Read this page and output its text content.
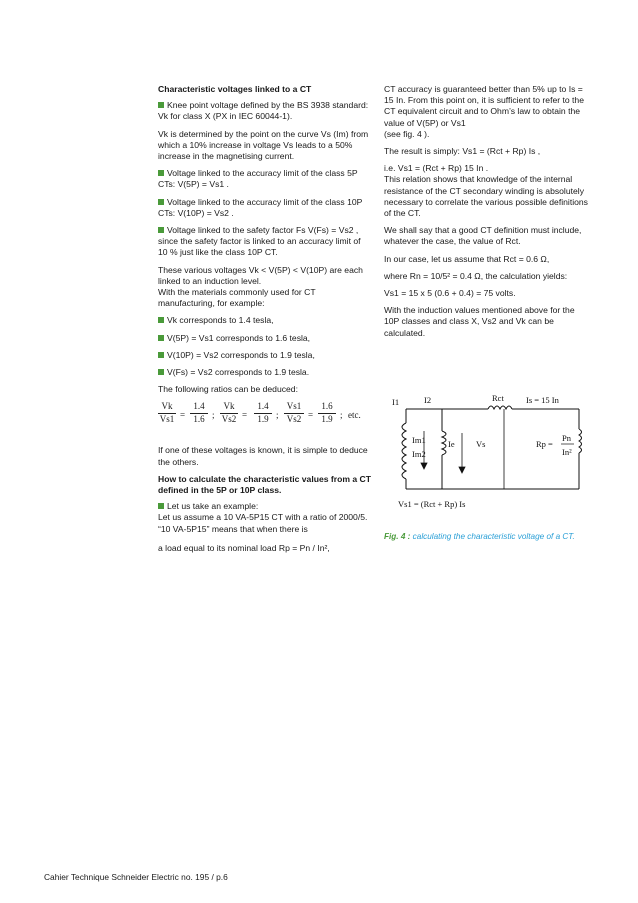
Characteristic voltages linked to a CT
Knee point voltage defined by the BS 3938 standard: Vk for class X (PX in IEC 60044-1).
Vk is determined by the point on the curve Vs (Im) from which a 10% increase in voltage Vs leads to a 50% increase in the magnetising current.
Voltage linked to the accuracy limit of the class 5P CTs: V(5P) = Vs1 .
Voltage linked to the accuracy limit of the class 10P CTs: V(10P) = Vs2 .
Voltage linked to the safety factor Fs V(Fs) = Vs2 , since the safety factor is linked to an accuracy limit of 10 % just like the class 10P CT.
These various voltages Vk < V(5P) < V(10P) are each linked to an induction level.
With the materials commonly used for CT manufacturing, for example:
Vk corresponds to 1.4 tesla,
V(5P) = Vs1 corresponds to 1.6 tesla,
V(10P) = Vs2 corresponds to 1.9 tesla,
V(Fs) = Vs2 corresponds to 1.9 tesla.
The following ratios can be deduced:
$\frac{Vk}{Vs1} = \frac{1.4}{1.6}$ ; $\frac{Vk}{Vs2} = \frac{1.4}{1.9}$ ; $\frac{Vs1}{Vs2} = \frac{1.6}{1.9}$ ; etc.
If one of these voltages is known, it is simple to deduce the others.
How to calculate the characteristic values from a CT defined in the 5P or 10P class.
Let us take an example:
Let us assume a 10 VA-5P15 CT with a ratio of 2000/5. “10 VA-5P15” means that when there is
a load equal to its nominal load Rp = Pn / In²,
CT accuracy is guaranteed better than 5% up to Is = 15 In. From this point on, it is sufficient to refer to the CT equivalent circuit and to Ohm’s law to obtain the value of V(5P) or Vs1
(see fig. 4 ).
The result is simply: Vs1 = (Rct + Rp) Is ,
i.e. Vs1 = (Rct + Rp) 15 In .
This relation shows that knowledge of the internal resistance of the CT secondary winding is absolutely necessary to correlate the various possible definitions of the CT.
We shall say that a good CT definition must include, whatever the case, the value of Rct.
In our case, let us assume that Rct = 0.6 Ω,
where Rn = 10/5² = 0.4 Ω, the calculation yields:
Vs1 = 15 x 5 (0.6 + 0.4) = 75 volts.
With the induction values mentioned above for the 10P classes and class X, Vs2 and Vk can be calculated.
I1	I2	Rct	Is = 15 In
Im1
Im2
Ie	Vs	Rp =
Pn
In²
Vs1 = (Rct + Rp) Is
Fig. 4 : calculating the characteristic voltage of a CT.
Cahier Technique Schneider Electric no. 195 / p.6
